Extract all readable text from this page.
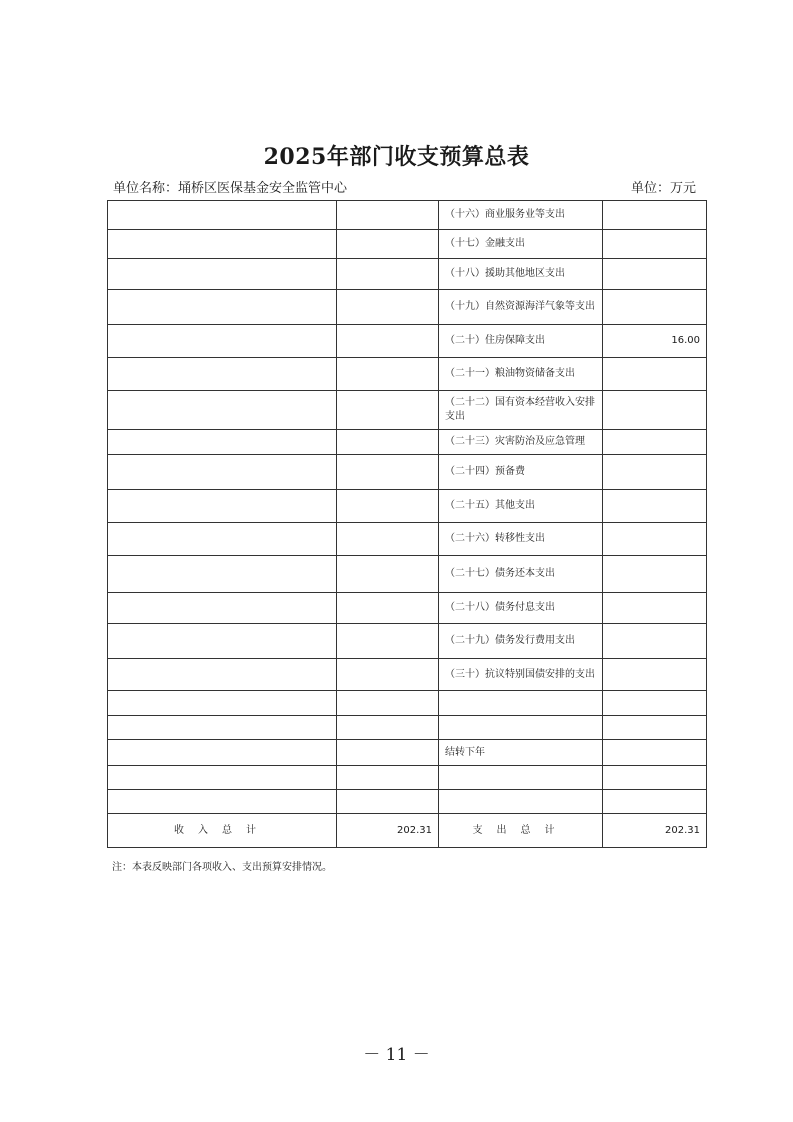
2025年部门收支预算总表
单位名称：埇桥区医保基金安全监管中心	单位：万元
		（十六）商业服务业等支出	
		（十七）金融支出	
		（十八）援助其他地区支出	
		（十九）自然资源海洋气象等支出	
		（二十）住房保障支出	16.00
		（二十一）粮油物资储备支出	
		（二十二）国有资本经营收入安排支出	
		（二十三）灾害防治及应急管理	
		（二十四）预备费	
		（二十五）其他支出	
		（二十六）转移性支出	
		（二十七）债务还本支出	
		（二十八）债务付息支出	
		（二十九）债务发行费用支出	
		（三十）抗议特别国债安排的支出	

		结转下年	

收入总计	202.31	支出总计	202.31
注：本表反映部门各项收入、支出预算安排情况。
－ 11 －
